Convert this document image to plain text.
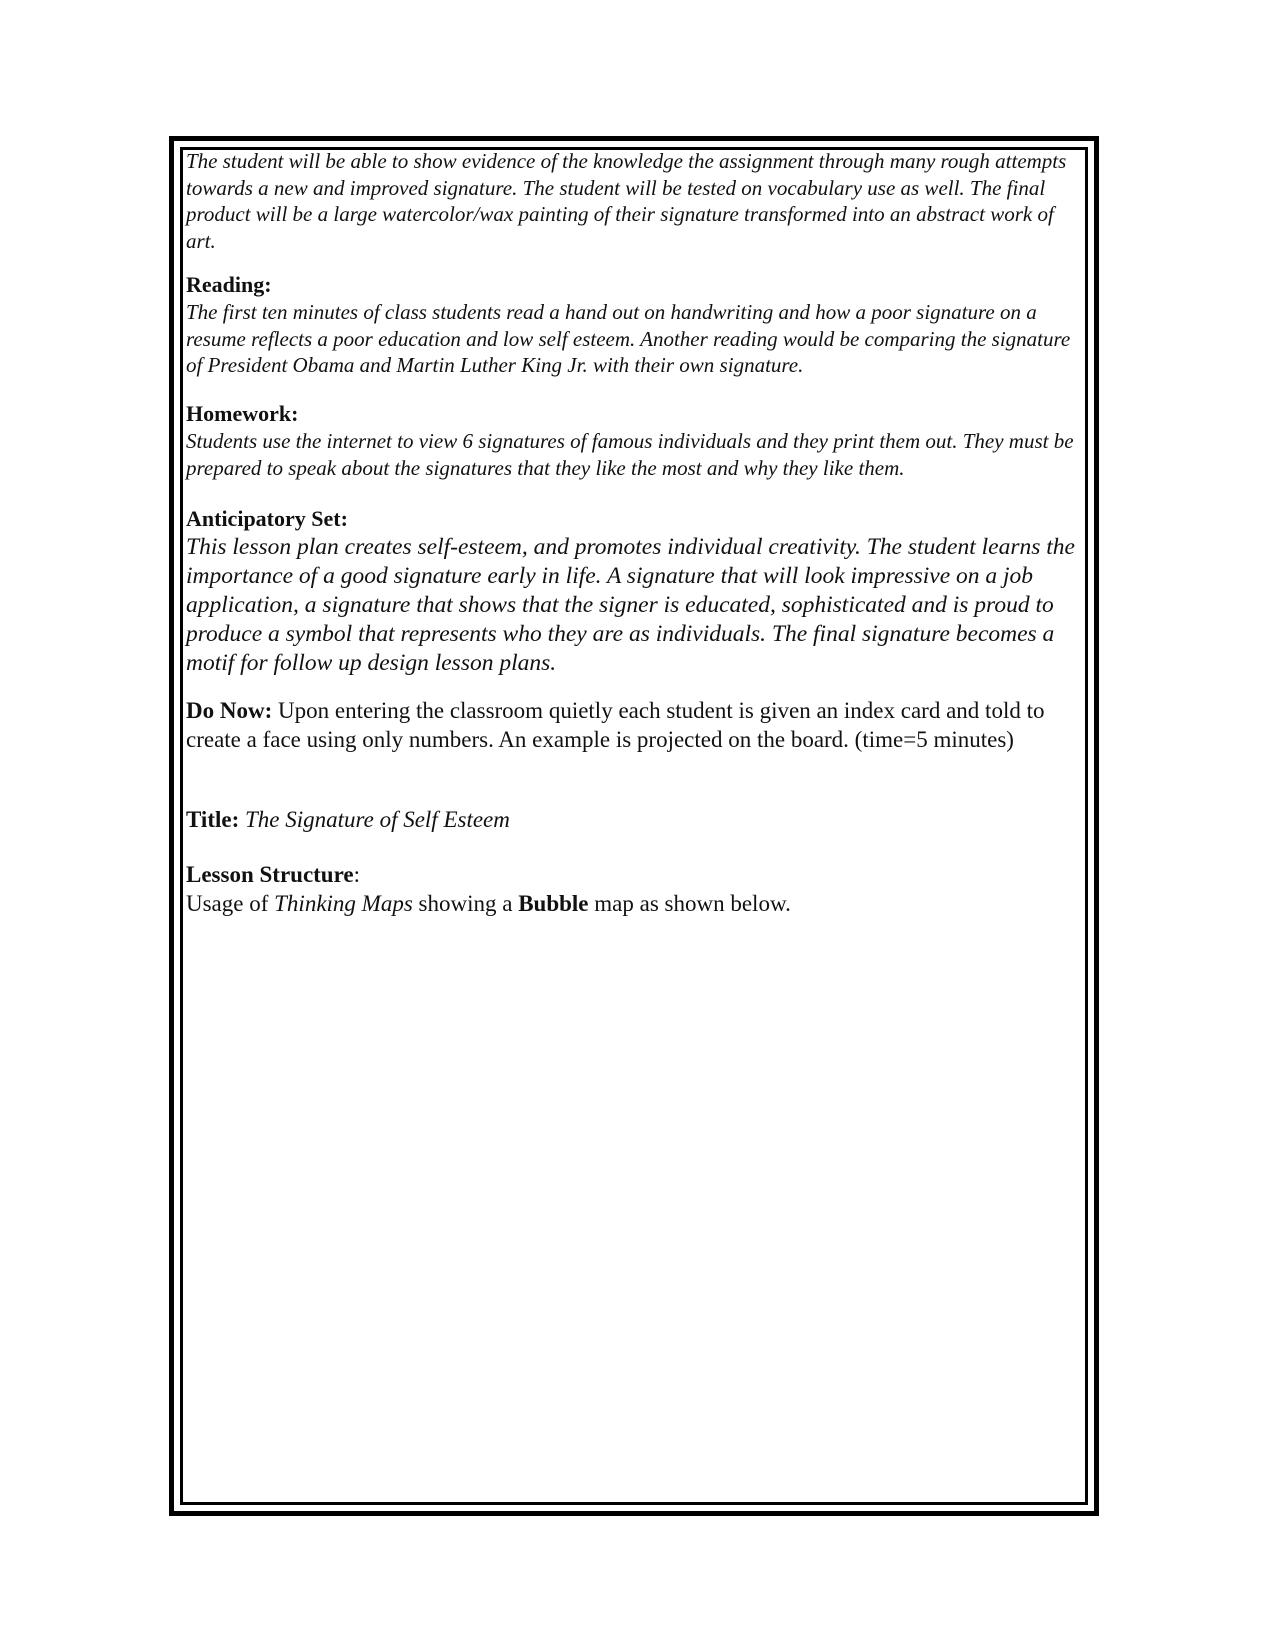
The student will be able to show evidence of the knowledge the assignment through many rough attempts towards a new and improved signature. The student will be tested on vocabulary use as well. The final product will be a large watercolor/wax painting of their signature transformed into an abstract work of art.

Reading:

The first ten minutes of class students read a hand out on handwriting and how a poor signature on a resume reflects a poor education and low self esteem. Another reading would be comparing the signature of President Obama and Martin Luther King Jr. with their own signature.

Homework:

Students use the internet to view 6 signatures of famous individuals and they print them out. They must be prepared to speak about the signatures that they like the most and why they like them.

Anticipatory Set:

This lesson plan creates self-esteem, and promotes individual creativity. The student learns the importance of a good signature early in life. A signature that will look impressive on a job application, a signature that shows that the signer is educated, sophisticated and is proud to produce a symbol that represents who they are as individuals. The final signature becomes a motif for follow up design lesson plans.

Do Now: Upon entering the classroom quietly each student is given an index card and told to create a face using only numbers. An example is projected on the board. (time=5 minutes)

Title: The Signature of Self Esteem

Lesson Structure:

Usage of Thinking Maps showing a Bubble map as shown below.
